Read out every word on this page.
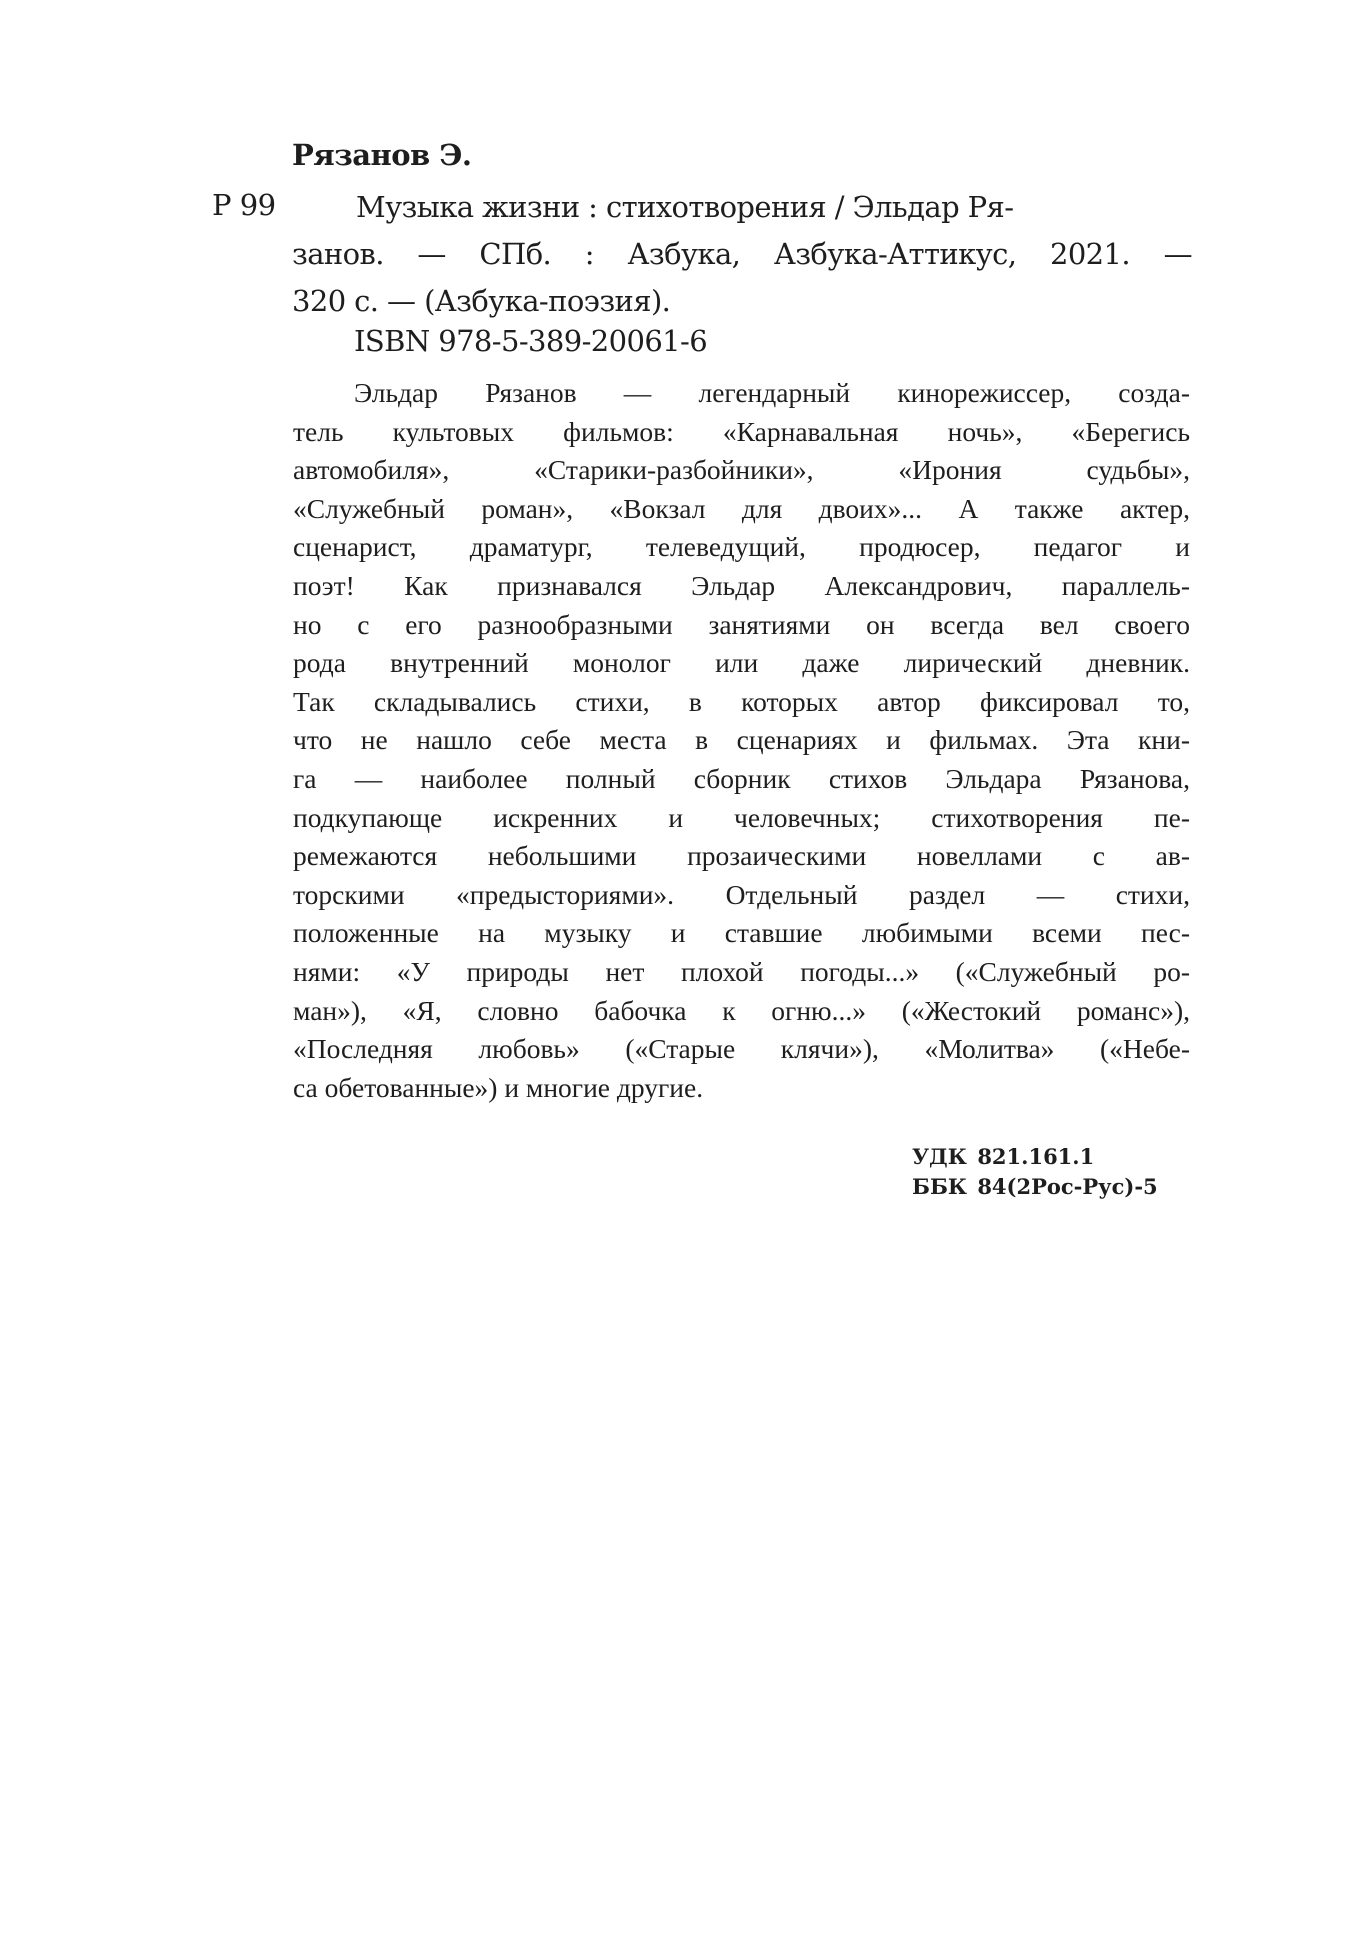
Рязанов Э.
Р 99	Музыка жизни : стихотворения / Эльдар Ря-
занов. — СПб. : Азбука, Азбука-Аттикус, 2021. —
320 с. — (Азбука-поэзия).
ISBN 978-5-389-20061-6
Эльдар Рязанов — легендарный кинорежиссер, созда-
тель культовых фильмов: «Карнавальная ночь», «Берегись
автомобиля», «Старики-разбойники», «Ирония судьбы»,
«Служебный роман», «Вокзал для двоих»... А также актер,
сценарист, драматург, телеведущий, продюсер, педагог и
поэт! Как признавался Эльдар Александрович, параллель-
но с его разнообразными занятиями он всегда вел своего
рода внутренний монолог или даже лирический дневник.
Так складывались стихи, в которых автор фиксировал то,
что не нашло себе места в сценариях и фильмах. Эта кни-
га — наиболее полный сборник стихов Эльдара Рязанова,
подкупающе искренних и человечных; стихотворения пе-
ремежаются небольшими прозаическими новеллами с ав-
торскими «предысториями». Отдельный раздел — стихи,
положенные на музыку и ставшие любимыми всеми пес-
нями: «У природы нет плохой погоды...» («Служебный ро-
ман»), «Я, словно бабочка к огню...» («Жестокий романс»),
«Последняя любовь» («Старые клячи»), «Молитва» («Небе-
са обетованные») и многие другие.
УДК 821.161.1
ББК 84(2Рос-Рус)-5
